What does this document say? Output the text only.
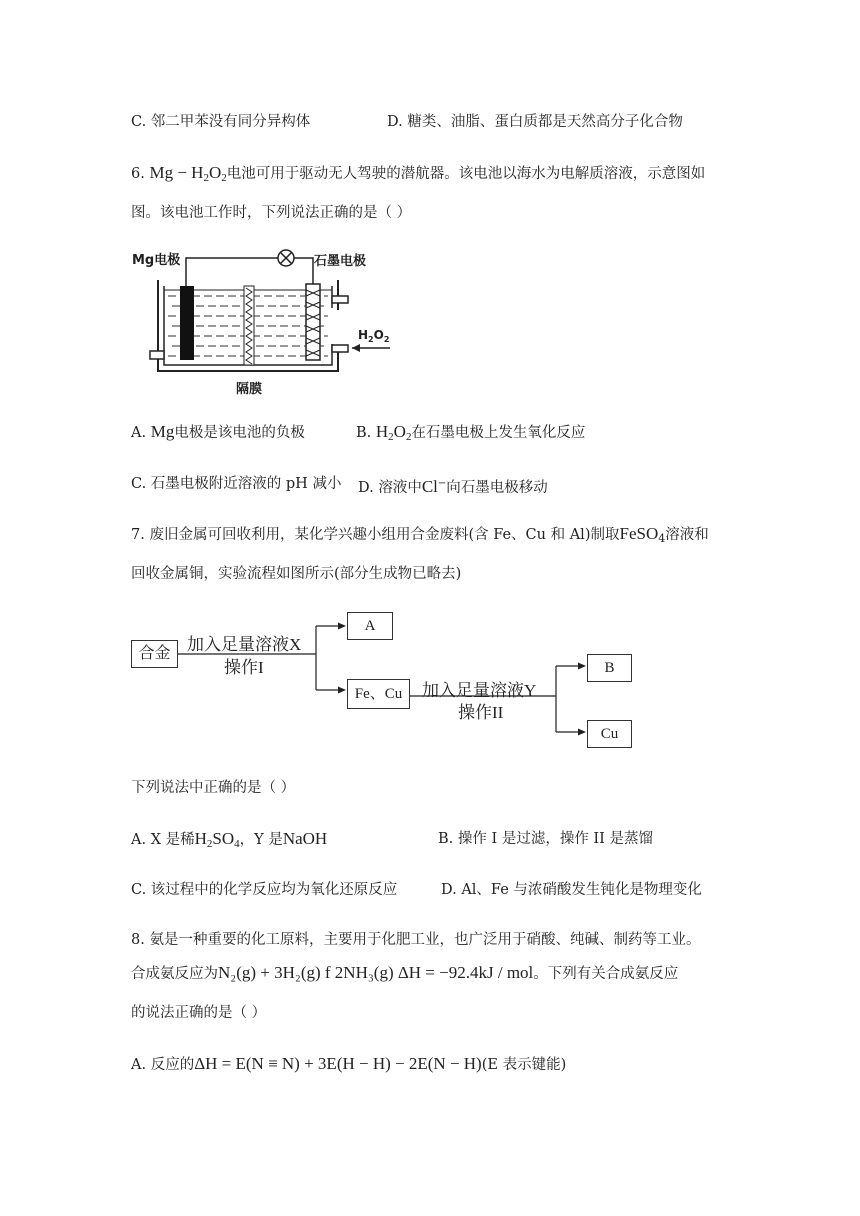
C. 邻二甲苯没有同分异构体	D. 糖类、油脂、蛋白质都是天然高分子化合物
6. $Mg - H_2O_2$电池可用于驱动无人驾驶的潜航器。该电池以海水为电解质溶液，示意图如
图。该电池工作时，下列说法正确的是（ ）
Mg电极	石墨电极
$H_2O_2$
隔膜
A. Mg电极是该电池的负极	B. $H_2O_2$在石墨电极上发生氧化反应
C. 石墨电极附近溶液的 pH 减小 D. 溶液中Cl−向石墨电极移动
7. 废旧金属可回收利用，某化学兴趣小组用合金废料(含 Fe、Cu 和 Al)制取FeSO$_4$溶液和
回收金属铜，实验流程如图所示(部分生成物已略去)
合金 加入足量溶液X
操作I
A
Fe、Cu	加入足量溶液Y
操作II
B
Cu
下列说法中正确的是（ ）
A. X 是稀$H_2SO_4$，Y 是NaOH	B. 操作 I 是过滤，操作 II 是蒸馏
C. 该过程中的化学反应均为氧化还原反应	D. Al、Fe 与浓硝酸发生钝化是物理变化
8. 氨是一种重要的化工原料，主要用于化肥工业，也广泛用于硝酸、纯碱、制药等工业。
合成氨反应为N₂(g) + 3H₂(g) f 2NH₃(g) ΔH = −92.4kJ / mol。下列有关合成氨反应
的说法正确的是（ ）
A. 反应的ΔH = E(N ≡ N) + 3E(H − H) − 2E(N − H)(E 表示键能)
